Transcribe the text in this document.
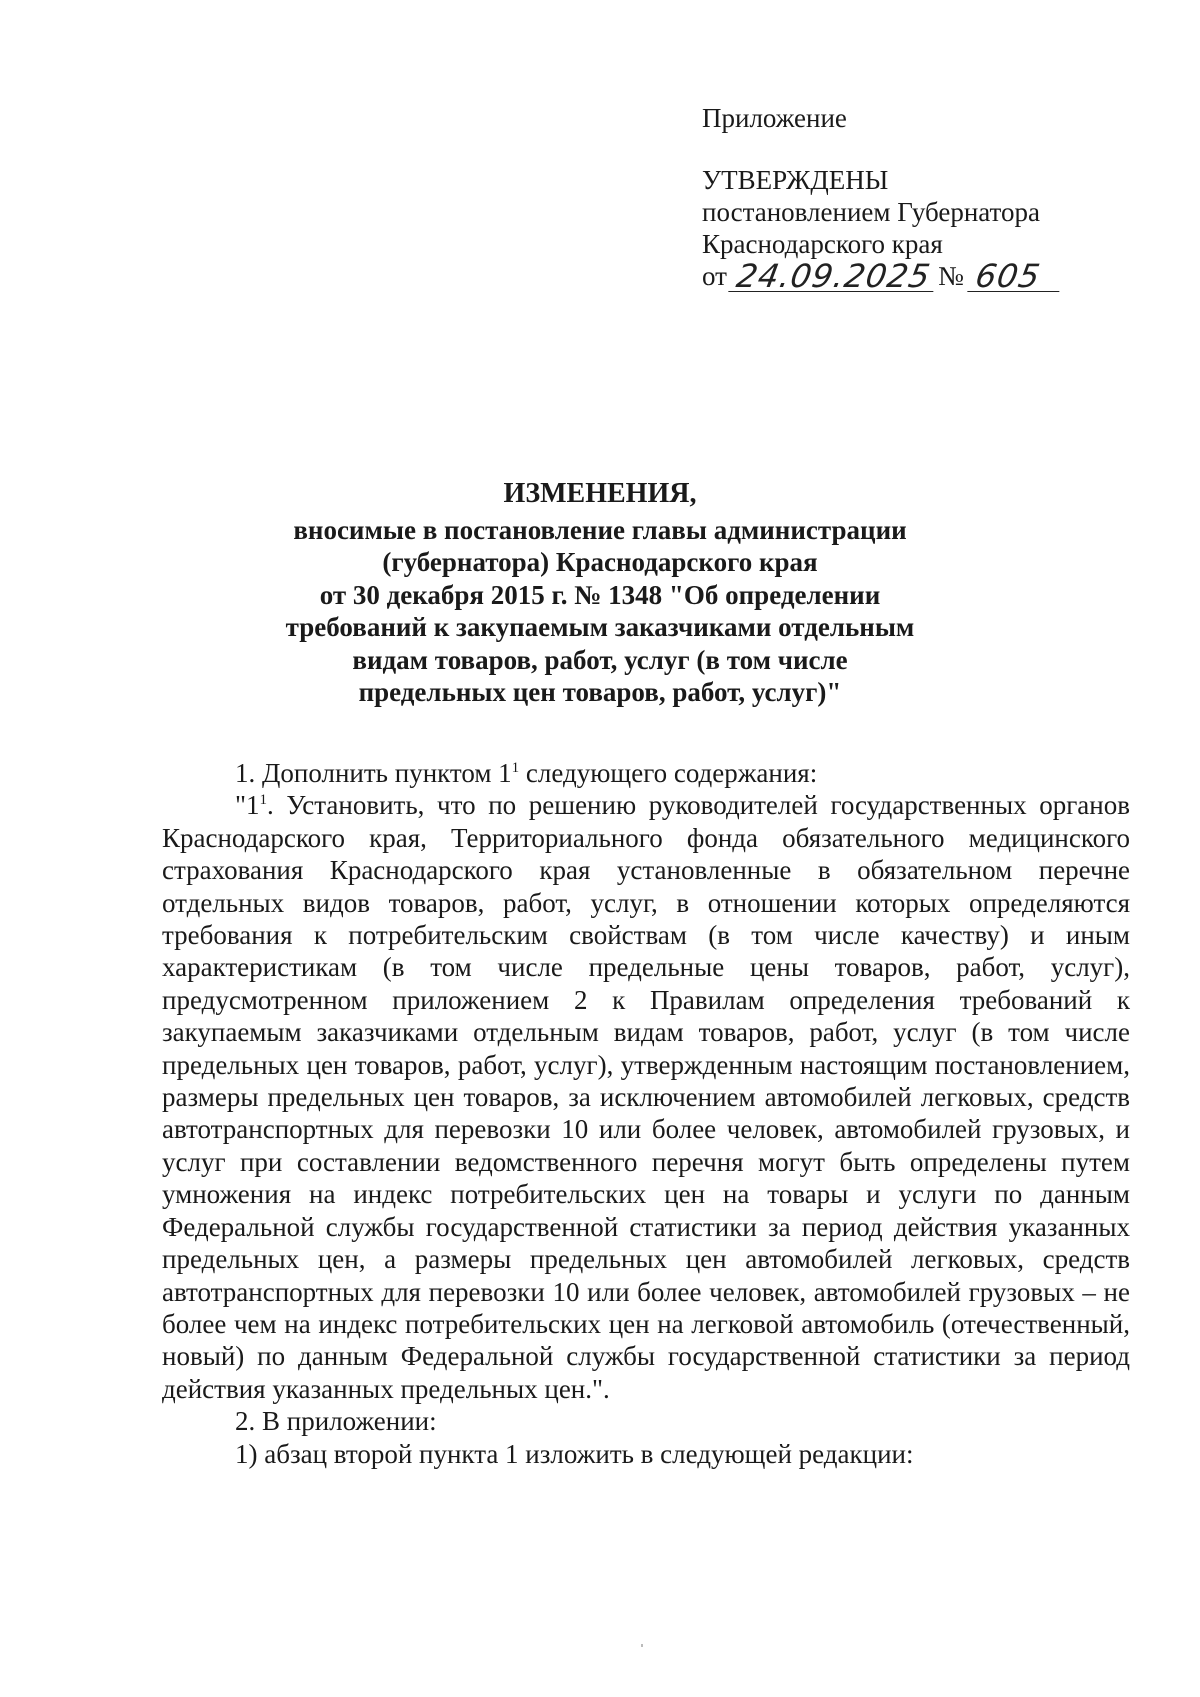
Приложение
УТВЕРЖДЕНЫ
постановлением Губернатора
Краснодарского края
от 24.09.2025 № 605
ИЗМЕНЕНИЯ,
вносимые в постановление главы администрации
(губернатора) Краснодарского края
от 30 декабря 2015 г. № 1348 "Об определении
требований к закупаемым заказчиками отдельным
видам товаров, работ, услуг (в том числе
предельных цен товаров, работ, услуг)"

1. Дополнить пунктом $1^1$ следующего содержания:

"$1^1$. Установить, что по решению руководителей государственных органов Краснодарского края, Территориального фонда обязательного медицинского страхования Краснодарского края установленные в обязательном перечне отдельных видов товаров, работ, услуг, в отношении которых определяются требования к потребительским свойствам (в том числе качеству) и иным характеристикам (в том числе предельные цены товаров, работ, услуг), предусмотренном приложением 2 к Правилам определения требований к закупаемым заказчиками отдельным видам товаров, работ, услуг (в том числе предельных цен товаров, работ, услуг), утвержденным настоящим постановлением, размеры предельных цен товаров, за исключением автомобилей легковых, средств автотранспортных для перевозки 10 или более человек, автомобилей грузовых, и услуг при составлении ведомственного перечня могут быть определены путем умножения на индекс потребительских цен на товары и услуги по данным Федеральной службы государственной статистики за период действия указанных предельных цен, а размеры предельных цен автомобилей легковых, средств автотранспортных для перевозки 10 или более человек, автомобилей грузовых – не более чем на индекс потребительских цен на легковой автомобиль (отечественный, новый) по данным Федеральной службы государственной статистики за период действия указанных предельных цен.".

2. В приложении:

1) абзац второй пункта 1 изложить в следующей редакции:
